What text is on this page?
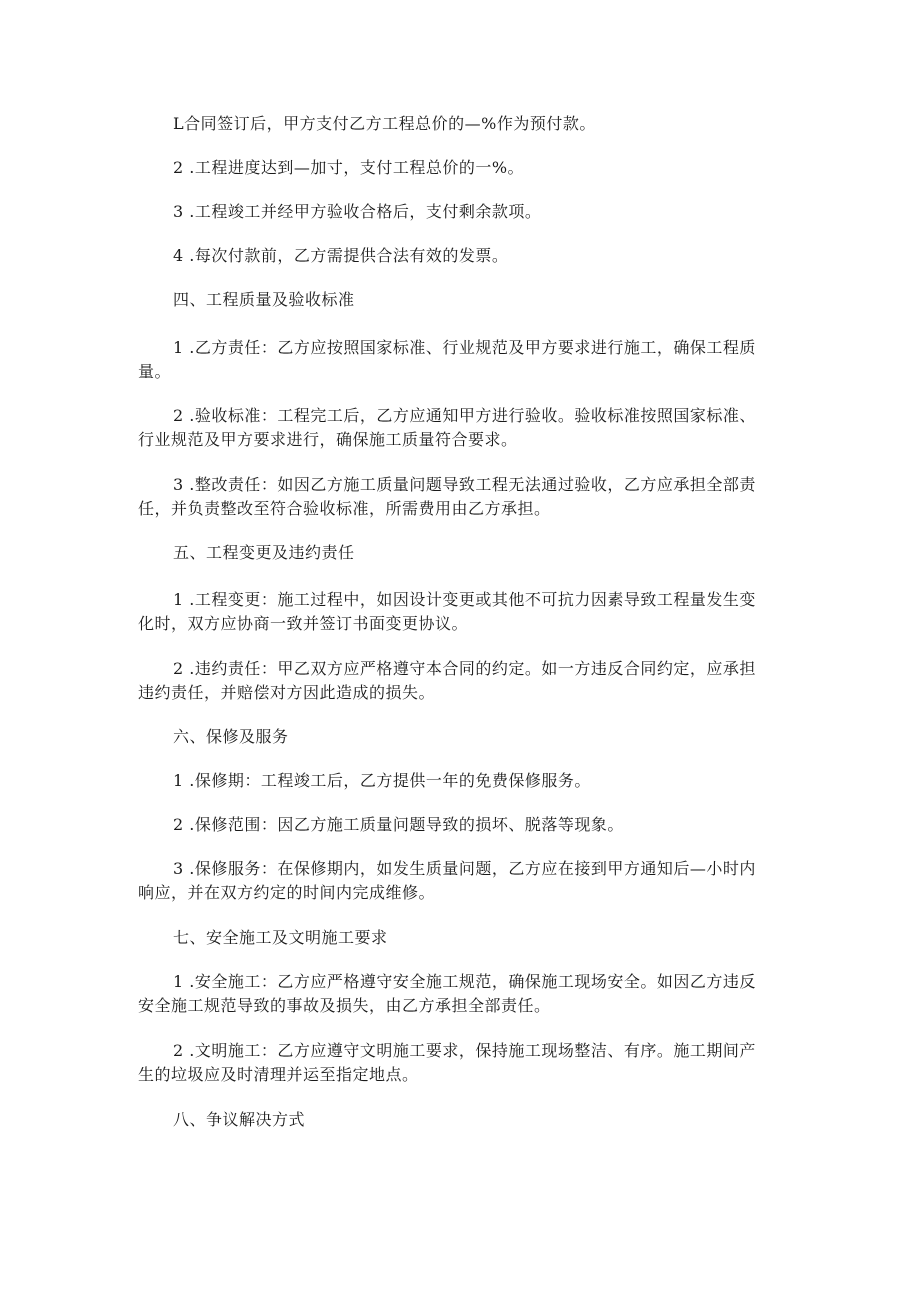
L合同签订后，甲方支付乙方工程总价的—%作为预付款。
2 .工程进度达到—加寸，支付工程总价的一%。
3 .工程竣工并经甲方验收合格后，支付剩余款项。
4 .每次付款前，乙方需提供合法有效的发票。
四、工程质量及验收标准
1 .乙方责任：乙方应按照国家标准、行业规范及甲方要求进行施工，确保工程质
量。
2 .验收标准：工程完工后，乙方应通知甲方进行验收。验收标准按照国家标准、
行业规范及甲方要求进行，确保施工质量符合要求。
3 .整改责任：如因乙方施工质量问题导致工程无法通过验收，乙方应承担全部责
任，并负责整改至符合验收标准，所需费用由乙方承担。
五、工程变更及违约责任
1 .工程变更：施工过程中，如因设计变更或其他不可抗力因素导致工程量发生变
化时，双方应协商一致并签订书面变更协议。
2 .违约责任：甲乙双方应严格遵守本合同的约定。如一方违反合同约定，应承担
违约责任，并赔偿对方因此造成的损失。
六、保修及服务
1 .保修期：工程竣工后，乙方提供一年的免费保修服务。
2 .保修范围：因乙方施工质量问题导致的损坏、脱落等现象。
3 .保修服务：在保修期内，如发生质量问题，乙方应在接到甲方通知后—小时内
响应，并在双方约定的时间内完成维修。
七、安全施工及文明施工要求
1 .安全施工：乙方应严格遵守安全施工规范，确保施工现场安全。如因乙方违反
安全施工规范导致的事故及损失，由乙方承担全部责任。
2 .文明施工：乙方应遵守文明施工要求，保持施工现场整洁、有序。施工期间产
生的垃圾应及时清理并运至指定地点。
八、争议解决方式
